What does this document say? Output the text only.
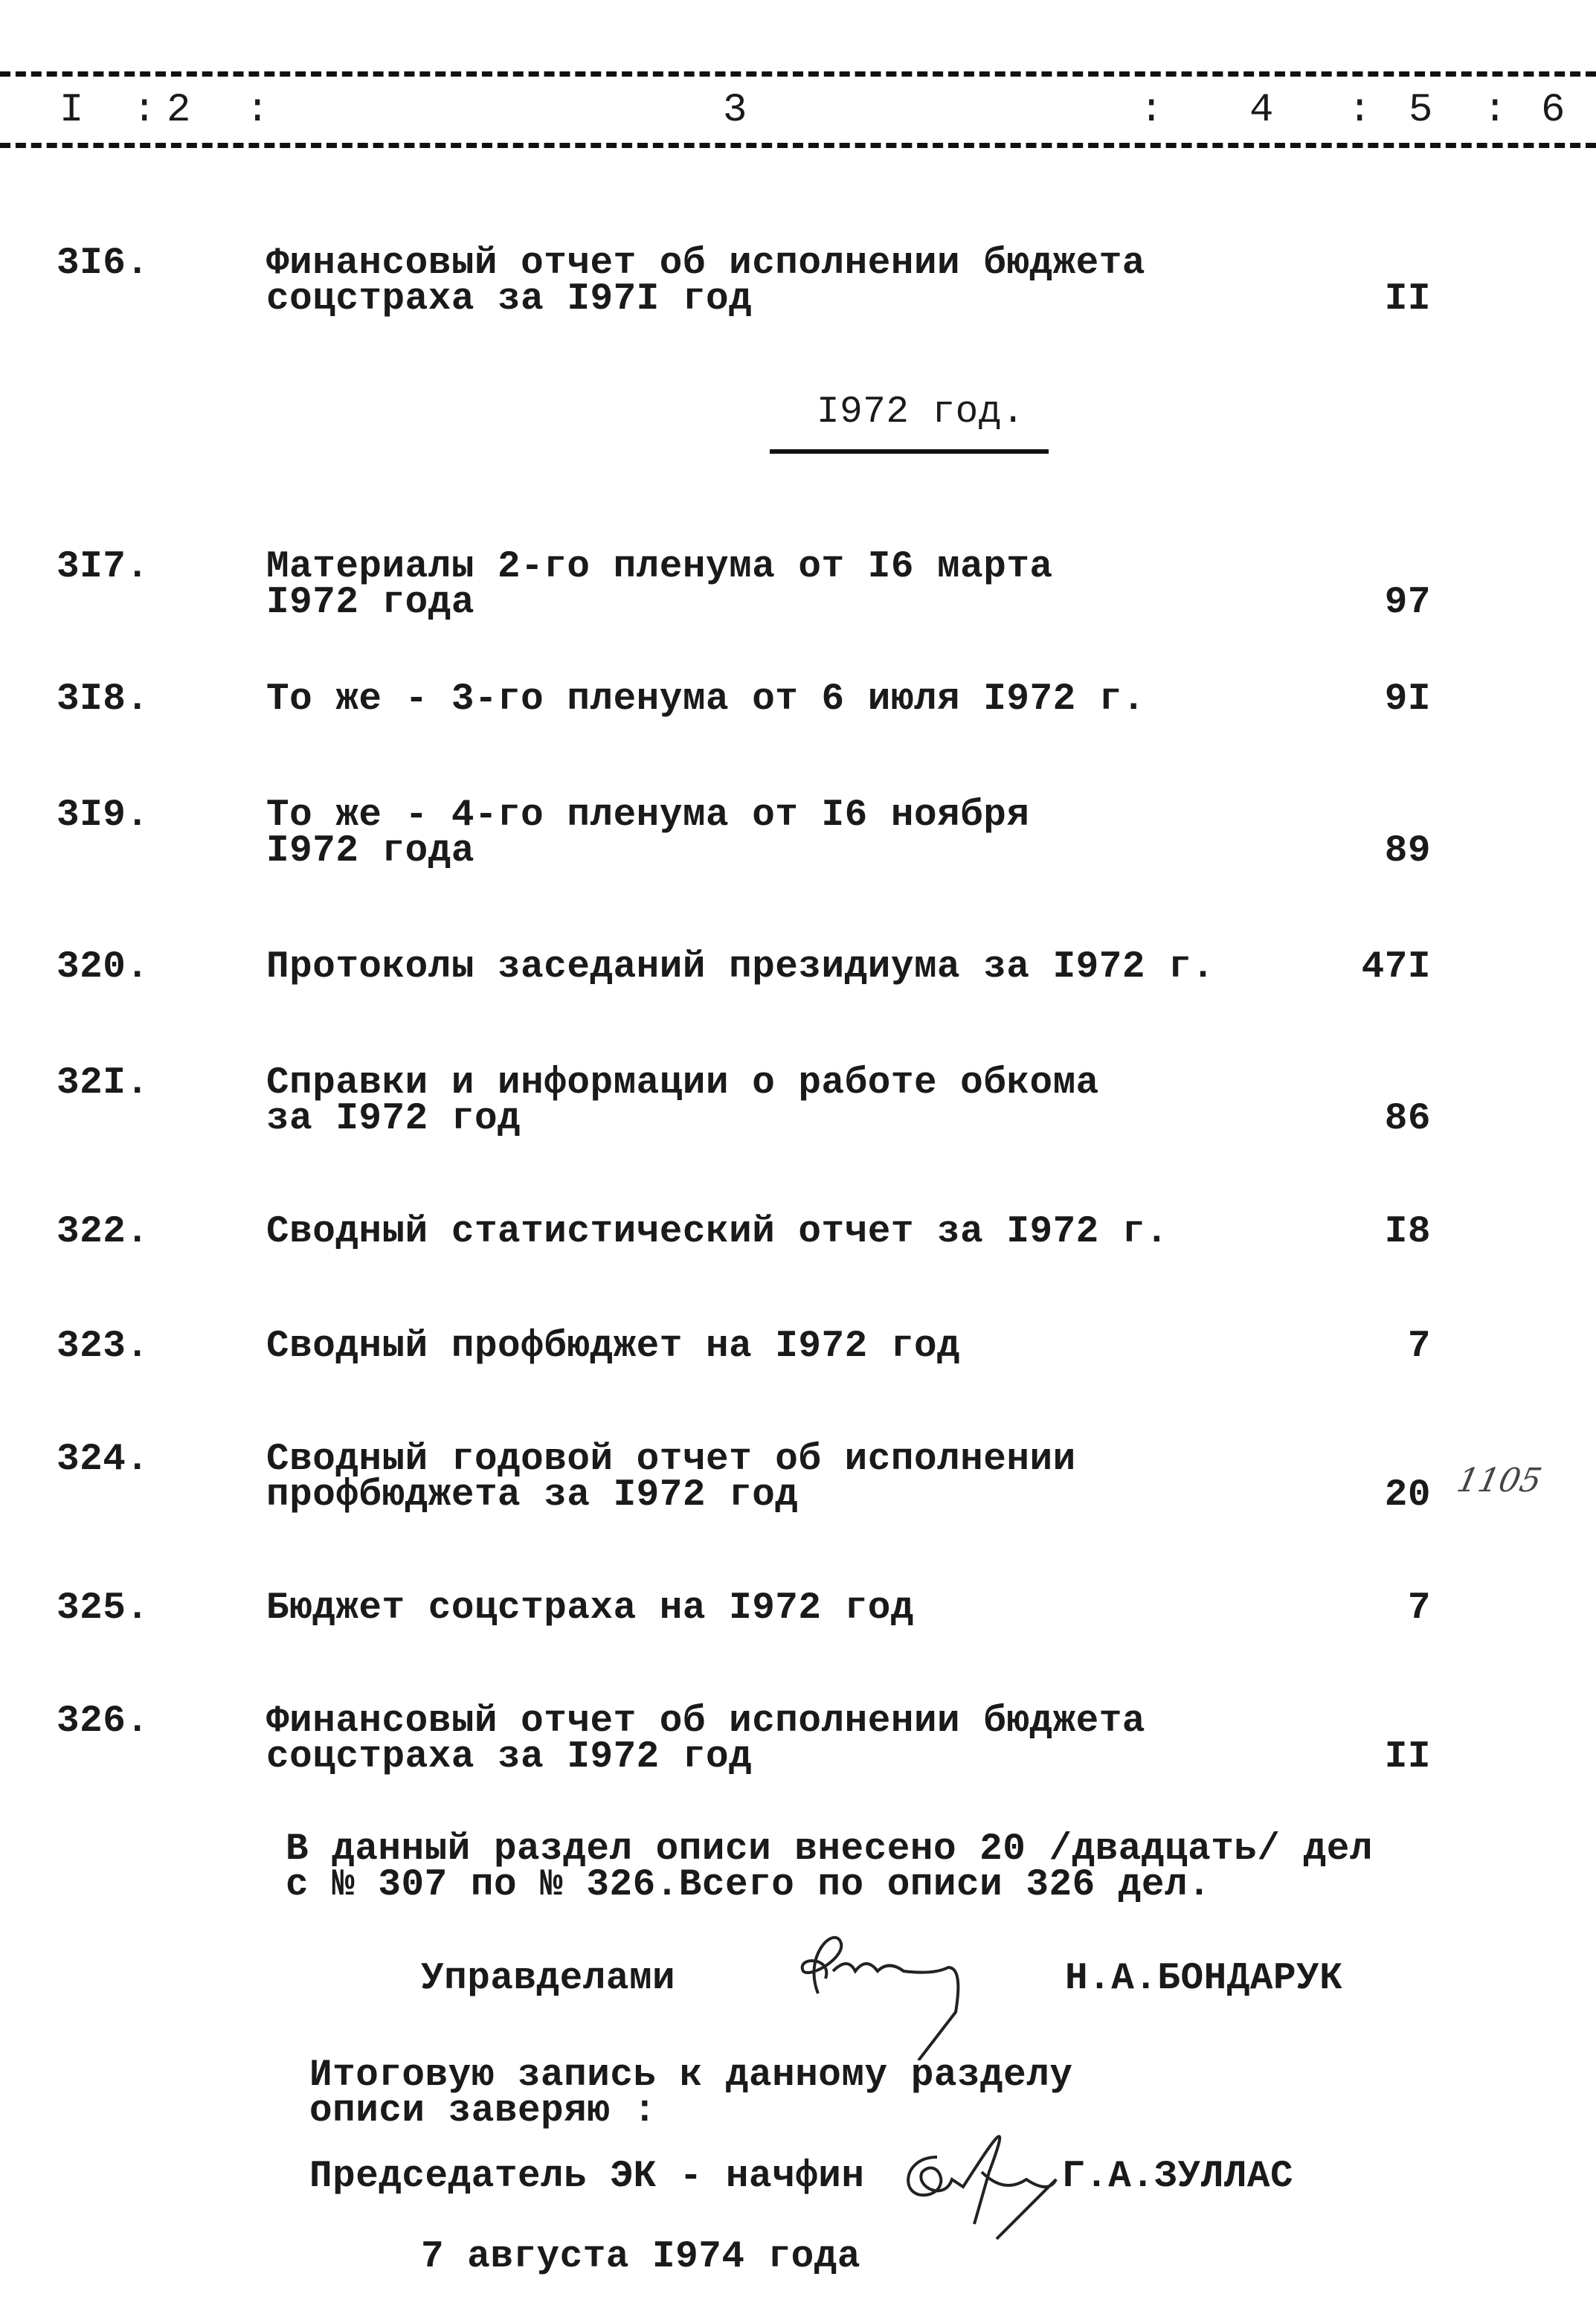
I : 2 :	3	: 4 : 5 : 6
3I6.	Финансовый отчет об исполнении бюджета
соцстраха за I97I год	II
I972 год.
3I7.	Материалы 2-го пленума от I6 марта
I972 года	97
3I8.	То же - 3-го пленума от 6 июля I972 г.	9I
3I9.	То же - 4-го пленума от I6 ноября
I972 года	89
320.	Протоколы заседаний президиума за I972 г.	47I
32I.	Справки и информации о работе обкома
за I972 год	86
322.	Сводный статистический отчет за I972 г.	I8
323.	Сводный профбюджет на I972 год	7
324.	Сводный годовой отчет об исполнении
профбюджета за I972 год	20
325.	Бюджет соцстраха на I972 год	7
326.	Финансовый отчет об исполнении бюджета
соцстраха за I972 год	II
1105
В данный раздел описи внесено 20 /двадцать/ дел
с № 307 по № 326.Всего по описи 326 дел.
Управделами	Н.А.БОНДАРУК
Итоговую запись к данному разделу
описи заверяю :
Председатель ЭК - начфин	Г.А.ЗУЛЛАС
7 августа I974 года
